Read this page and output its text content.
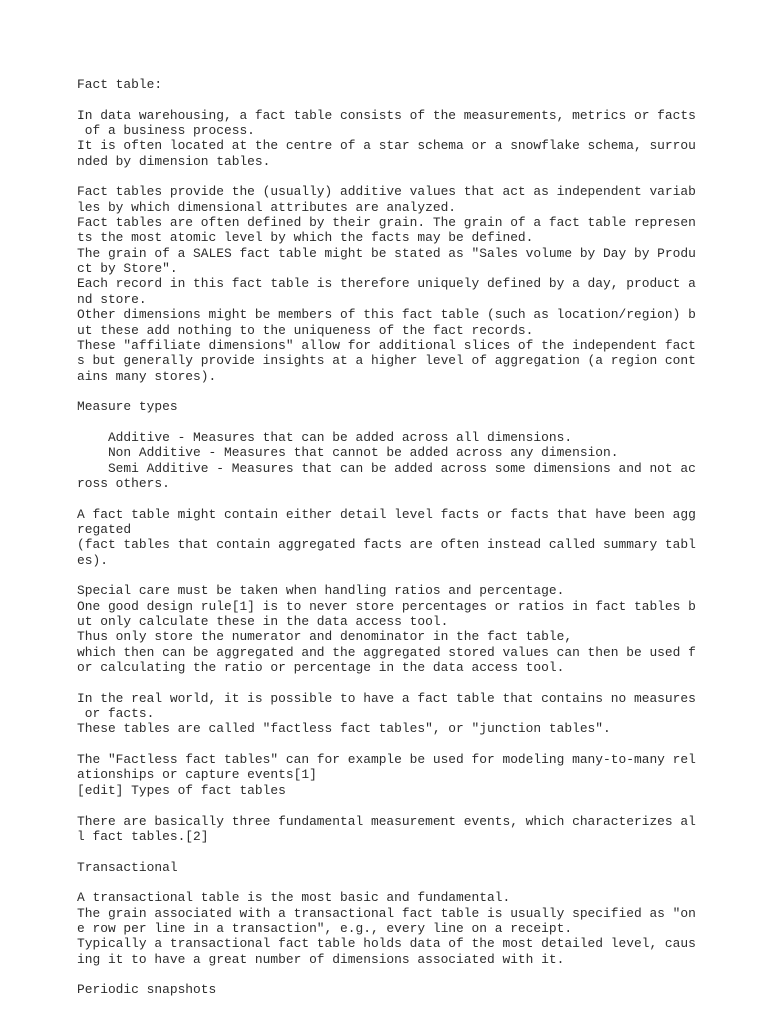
Fact table:
In data warehousing, a fact table consists of the measurements, metrics or facts
of a business process.
It is often located at the centre of a star schema or a snowflake schema, surrou
nded by dimension tables.
Fact tables provide the (usually) additive values that act as independent variab
les by which dimensional attributes are analyzed.
Fact tables are often defined by their grain. The grain of a fact table represen
ts the most atomic level by which the facts may be defined.
The grain of a SALES fact table might be stated as "Sales volume by Day by Produ
ct by Store".
Each record in this fact table is therefore uniquely defined by a day, product a
nd store.
Other dimensions might be members of this fact table (such as location/region) b
ut these add nothing to the uniqueness of the fact records.
These "affiliate dimensions" allow for additional slices of the independent fact
s but generally provide insights at a higher level of aggregation (a region cont
ains many stores).
Measure types
Additive - Measures that can be added across all dimensions.
Non Additive - Measures that cannot be added across any dimension.
Semi Additive - Measures that can be added across some dimensions and not ac
ross others.
A fact table might contain either detail level facts or facts that have been agg
regated
(fact tables that contain aggregated facts are often instead called summary tabl
es).
Special care must be taken when handling ratios and percentage.
One good design rule[1] is to never store percentages or ratios in fact tables b
ut only calculate these in the data access tool.
Thus only store the numerator and denominator in the fact table,
which then can be aggregated and the aggregated stored values can then be used f
or calculating the ratio or percentage in the data access tool.
In the real world, it is possible to have a fact table that contains no measures
or facts.
These tables are called "factless fact tables", or "junction tables".
The "Factless fact tables" can for example be used for modeling many-to-many rel
ationships or capture events[1]
[edit] Types of fact tables
There are basically three fundamental measurement events, which characterizes al
l fact tables.[2]
Transactional
A transactional table is the most basic and fundamental.
The grain associated with a transactional fact table is usually specified as "on
e row per line in a transaction", e.g., every line on a receipt.
Typically a transactional fact table holds data of the most detailed level, caus
ing it to have a great number of dimensions associated with it.
Periodic snapshots
